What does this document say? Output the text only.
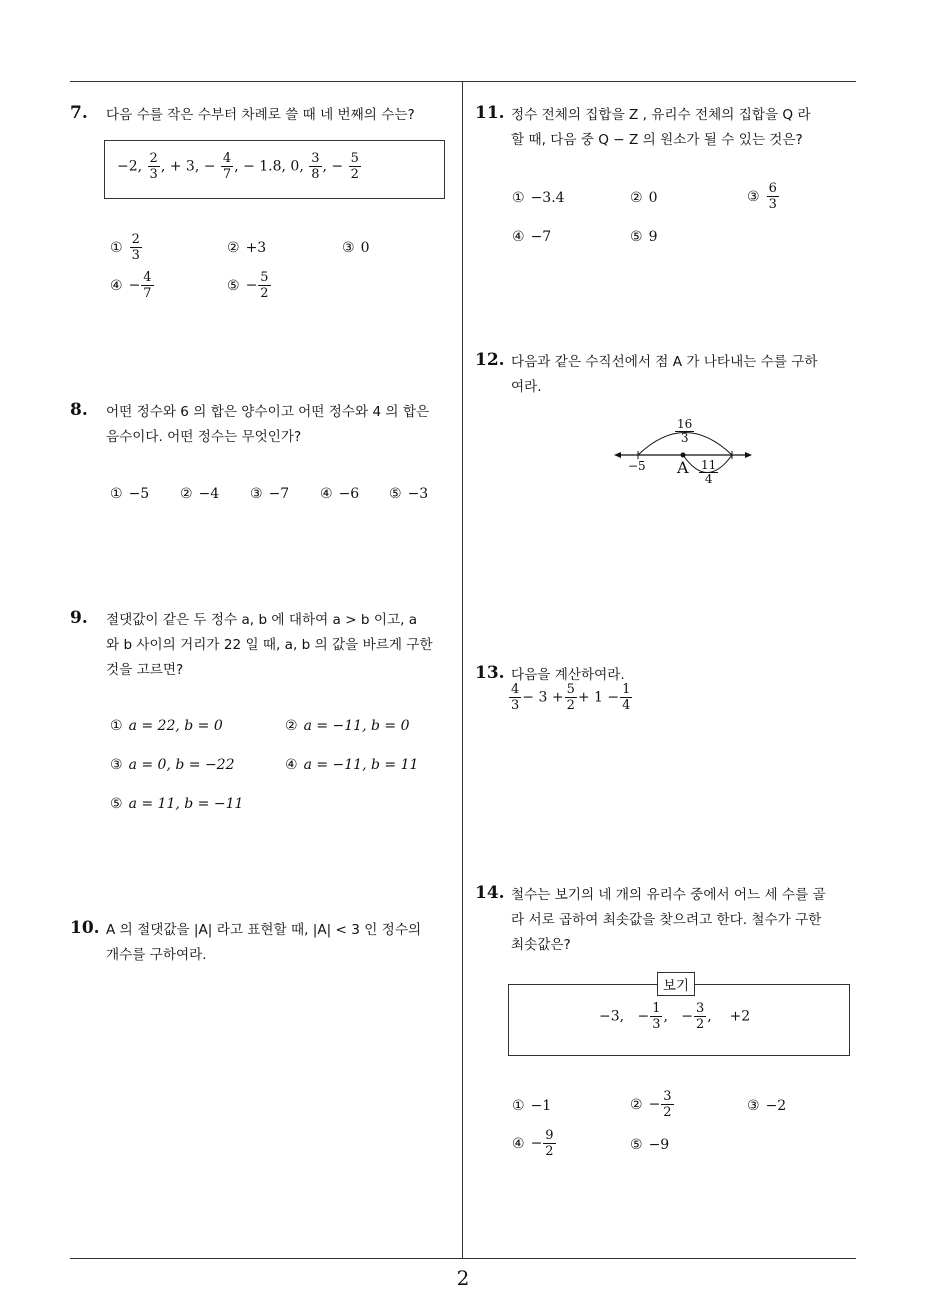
2
7. 다음 수를 작은 수부터 차례로 쓸 때 네 번째의 수는?
−2, $\frac{2}{3}$ , + 3, − $\frac{4}{7}$ , − 1.8, 0, $\frac{3}{8}$ , − $\frac{5}{2}$
① $\frac{2}{3}$	② +3	③ 0
④ − $\frac{4}{7}$	⑤ − $\frac{5}{2}$
8. 어떤 정수와 6 의 합은 양수이고 어떤 정수와 4 의 합은
음수이다. 어떤 정수는 무엇인가?
① −5 ② −4 ③ −7 ④ −6 ⑤ −3
9. 절댓값이 같은 두 정수 a, b 에 대하여 a > b 이고, a
와 b 사이의 거리가 22 일 때, a, b 의 값을 바르게 구한
것을 고르면?
① a = 22, b = 0	② a = −11, b = 0
③ a = 0, b = −22	④ a = −11, b = 11
⑤ a = 11, b = −11
10. A 의 절댓값을 |A| 라고 표현할 때, |A| < 3 인 정수의
개수를 구하여라.
11. 정수 전체의 집합을 Z , 유리수 전체의 집합을 Q 라
할 때, 다음 중 Q − Z 의 원소가 될 수 있는 것은?
① −3.4	② 0	③ $\frac{6}{3}$
④ −7	⑤ 9
12. 다음과 같은 수직선에서 점 A 가 나타내는 수를 구하
여라.
$\frac{16}{3}$
−5 A $\frac{11}{4}$
13. 다음을 계산하여라.
$\frac{4}{3} - 3 + \frac{5}{2} + 1 - \frac{1}{4}$
14. 철수는 보기의 네 개의 유리수 중에서 어느 세 수를 골
라 서로 곱하여 최솟값을 찾으려고 한다. 철수가 구한
최솟값은?
−3, − $\frac{1}{3}$ , − $\frac{3}{2}$ , +2
보기
① −1	② − $\frac{3}{2}$	③ −2
④ − $\frac{9}{2}$	⑤ −9
